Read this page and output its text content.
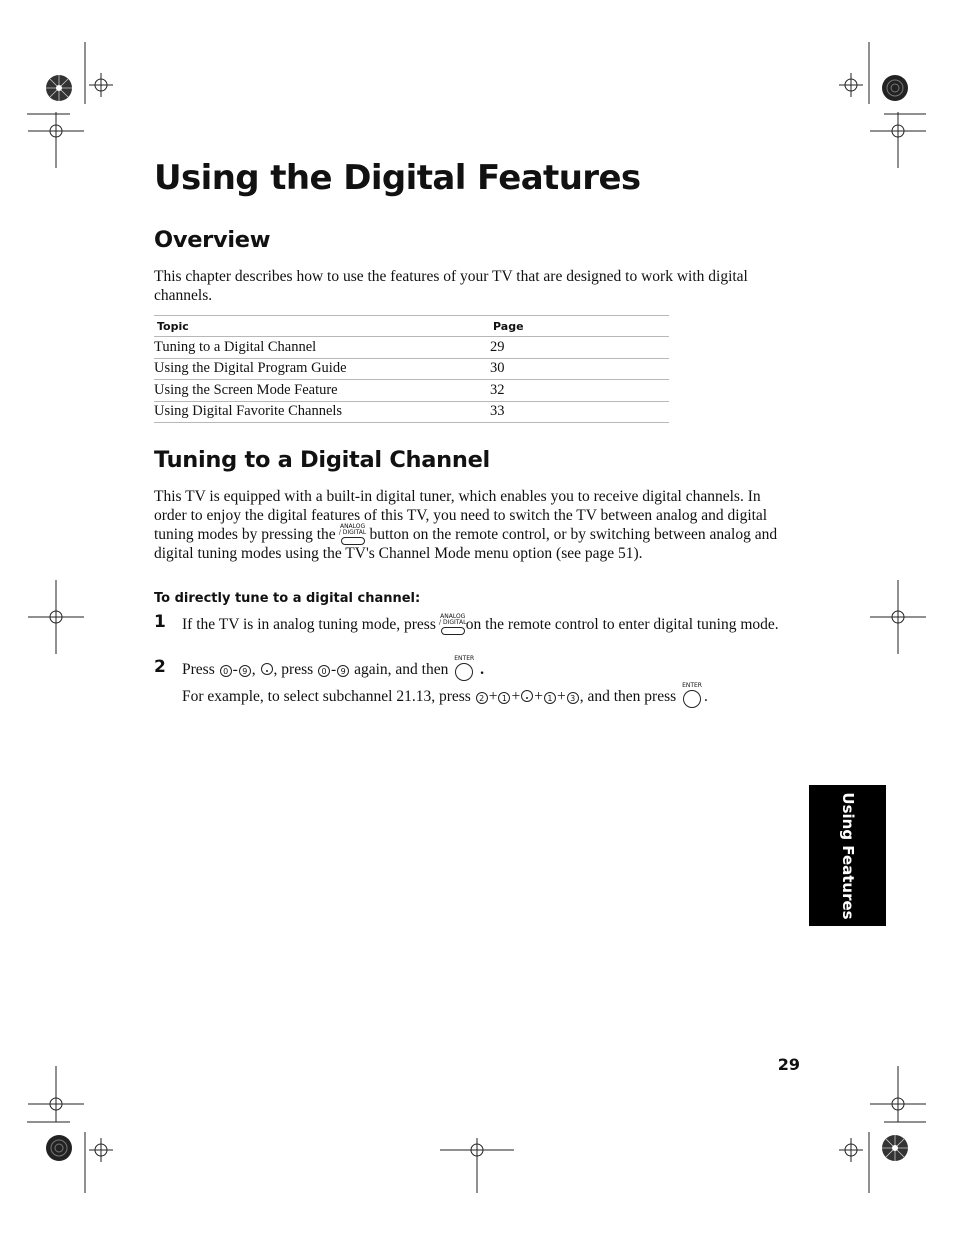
Using the Digital Features
Overview
This chapter describes how to use the features of your TV that are designed to work with digital channels.
Topic	Page
Tuning to a Digital Channel	29
Using the Digital Program Guide	30
Using the Screen Mode Feature	32
Using Digital Favorite Channels	33
Tuning to a Digital Channel
This TV is equipped with a built-in digital tuner, which enables you to receive digital channels. In order to enjoy the digital features of this TV, you need to switch the TV between analog and digital tuning modes by pressing the ANALOG
/ DIGITAL button on the remote control, or by switching between analog and digital tuning modes using the TV's Channel Mode menu option (see page 51).
To directly tune to a digital channel:
1 If the TV is in analog tuning mode, press ANALOG
/ DIGITAL on the remote control to enter digital tuning mode.
2 Press 0 - 9 , , press 0 - 9 again, and then
ENTER
.
For example, to select subchannel 21.13, press 2 + 1 + + 1 + 3 , and then press
ENTER
.
Using Features
29
